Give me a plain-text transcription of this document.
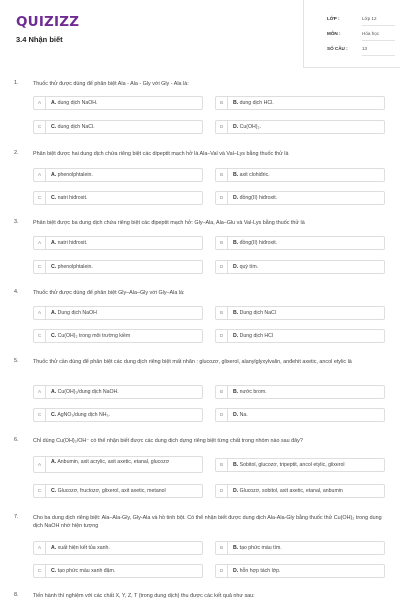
QUIZIZZ
3.4 Nhận biết
LỚP :	Lớp 12
MÔN :	Hóa học
SỐ CÂU :	13
1.	Thuốc thử được dùng để phân biệt Ala - Ala - Gly với Gly - Ala là:
A	A. dung dịch NaOH.	B	B. dung dịch HCl.
C	C. dung dịch NaCl.	D	D. Cu(OH)₂.
2.	Phân biệt được hai dung dịch chứa riêng biệt các dipeptit mạch hở là Ala–Val và Val–Lys bằng thuốc thử là
A	A. phenolphtalein.	B	B. axit clohiđric.
C	C. natri hiđroxit.	D	D. đồng(II) hiđroxit.
3.	Phân biệt được ba dung dịch chứa riêng biệt các đipeptit mạch hở: Gly–Ala, Ala–Glu và Val-Lys bằng thuốc thử là
A	A. natri hiđroxit.	B	B. đồng(II) hiđroxit.
C	C. phenolphtalein.	D	D. quỳ tím.
4.	Thuốc thử được dùng để phân biệt Gly–Ala–Gly với Gly–Ala là:
A	A. Dung dịch NaOH	B	B. Dung dịch NaCl
C	C. Cu(OH)₂ trong môi trường kiềm	D	D. Dung dịch HCl
5.	Thuốc thử cần dùng để phân biệt các dung dịch riêng biệt mất nhãn : glucozơ, glixerol, alanylglyxylvalin, anđehit axetic, ancol etylic là
A	A. Cu(OH)₂/dung dịch NaOH.	B	B. nước brom.
C	C. AgNO₃/dung dịch NH₃.	D	D. Na.
6.	Chỉ dùng Cu(OH)₂/OH⁻ có thể nhận biết được các dung dịch dựng riêng biệt từng chất trong nhóm nào sau đây?
A	A. Anbumin, axit acrylic, axit axetic, etanal, glucozơ	B	B. Sobitol, glucozơ, tripeptit, ancol etylic, glixerol
C	C. Glucozơ, fructozơ, glixerol, axit axetic, metanol	D	D. Glucozơ, sobitol, axit axetic, etanal, anbumin
7.	Cho ba dung dịch riêng biệt: Ala–Ala-Gly, Gly-Ala và hồ tinh bột. Có thể nhận biết được dung dịch Ala-Ala-Gly bằng thuốc thử Cu(OH)₂ trong dung dịch NaOH nhờ hiện tượng
A	A. xuất hiện kết tủa xanh.	B	B. tạo phức màu tím.
C	C. tạo phức màu xanh đậm.	D	D. hỗn hợp tách lớp.
8.	Tiến hành thí nghiệm với các chất X, Y, Z, T (trong dung dịch) thu được các kết quả như sau:
